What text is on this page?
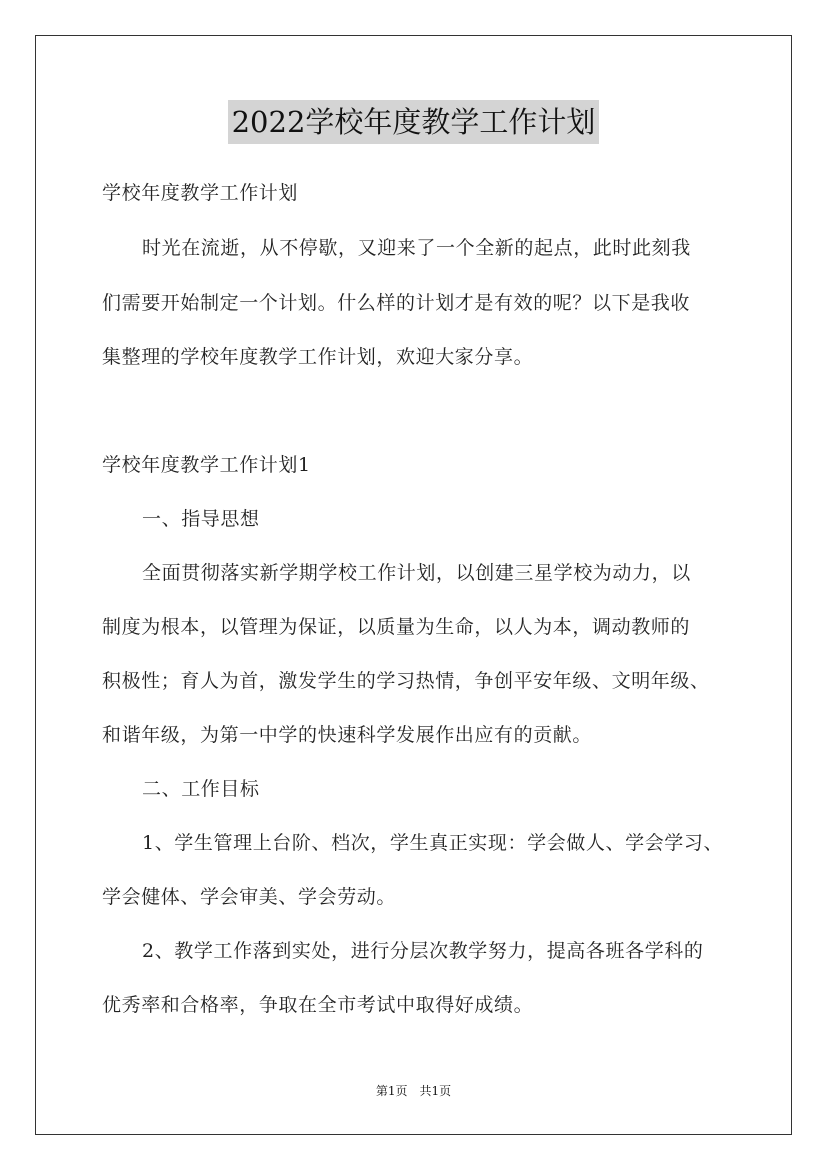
2022学校年度教学工作计划
学校年度教学工作计划
时光在流逝，从不停歇，又迎来了一个全新的起点，此时此刻我
们需要开始制定一个计划。什么样的计划才是有效的呢？以下是我收
集整理的学校年度教学工作计划，欢迎大家分享。
学校年度教学工作计划1
一、指导思想
全面贯彻落实新学期学校工作计划，以创建三星学校为动力，以
制度为根本，以管理为保证，以质量为生命，以人为本，调动教师的
积极性；育人为首，激发学生的学习热情，争创平安年级、文明年级、
和谐年级，为第一中学的快速科学发展作出应有的贡献。
二、工作目标
1、学生管理上台阶、档次，学生真正实现：学会做人、学会学习、
学会健体、学会审美、学会劳动。
2、教学工作落到实处，进行分层次教学努力，提高各班各学科的
优秀率和合格率，争取在全市考试中取得好成绩。
第1页 共1页
